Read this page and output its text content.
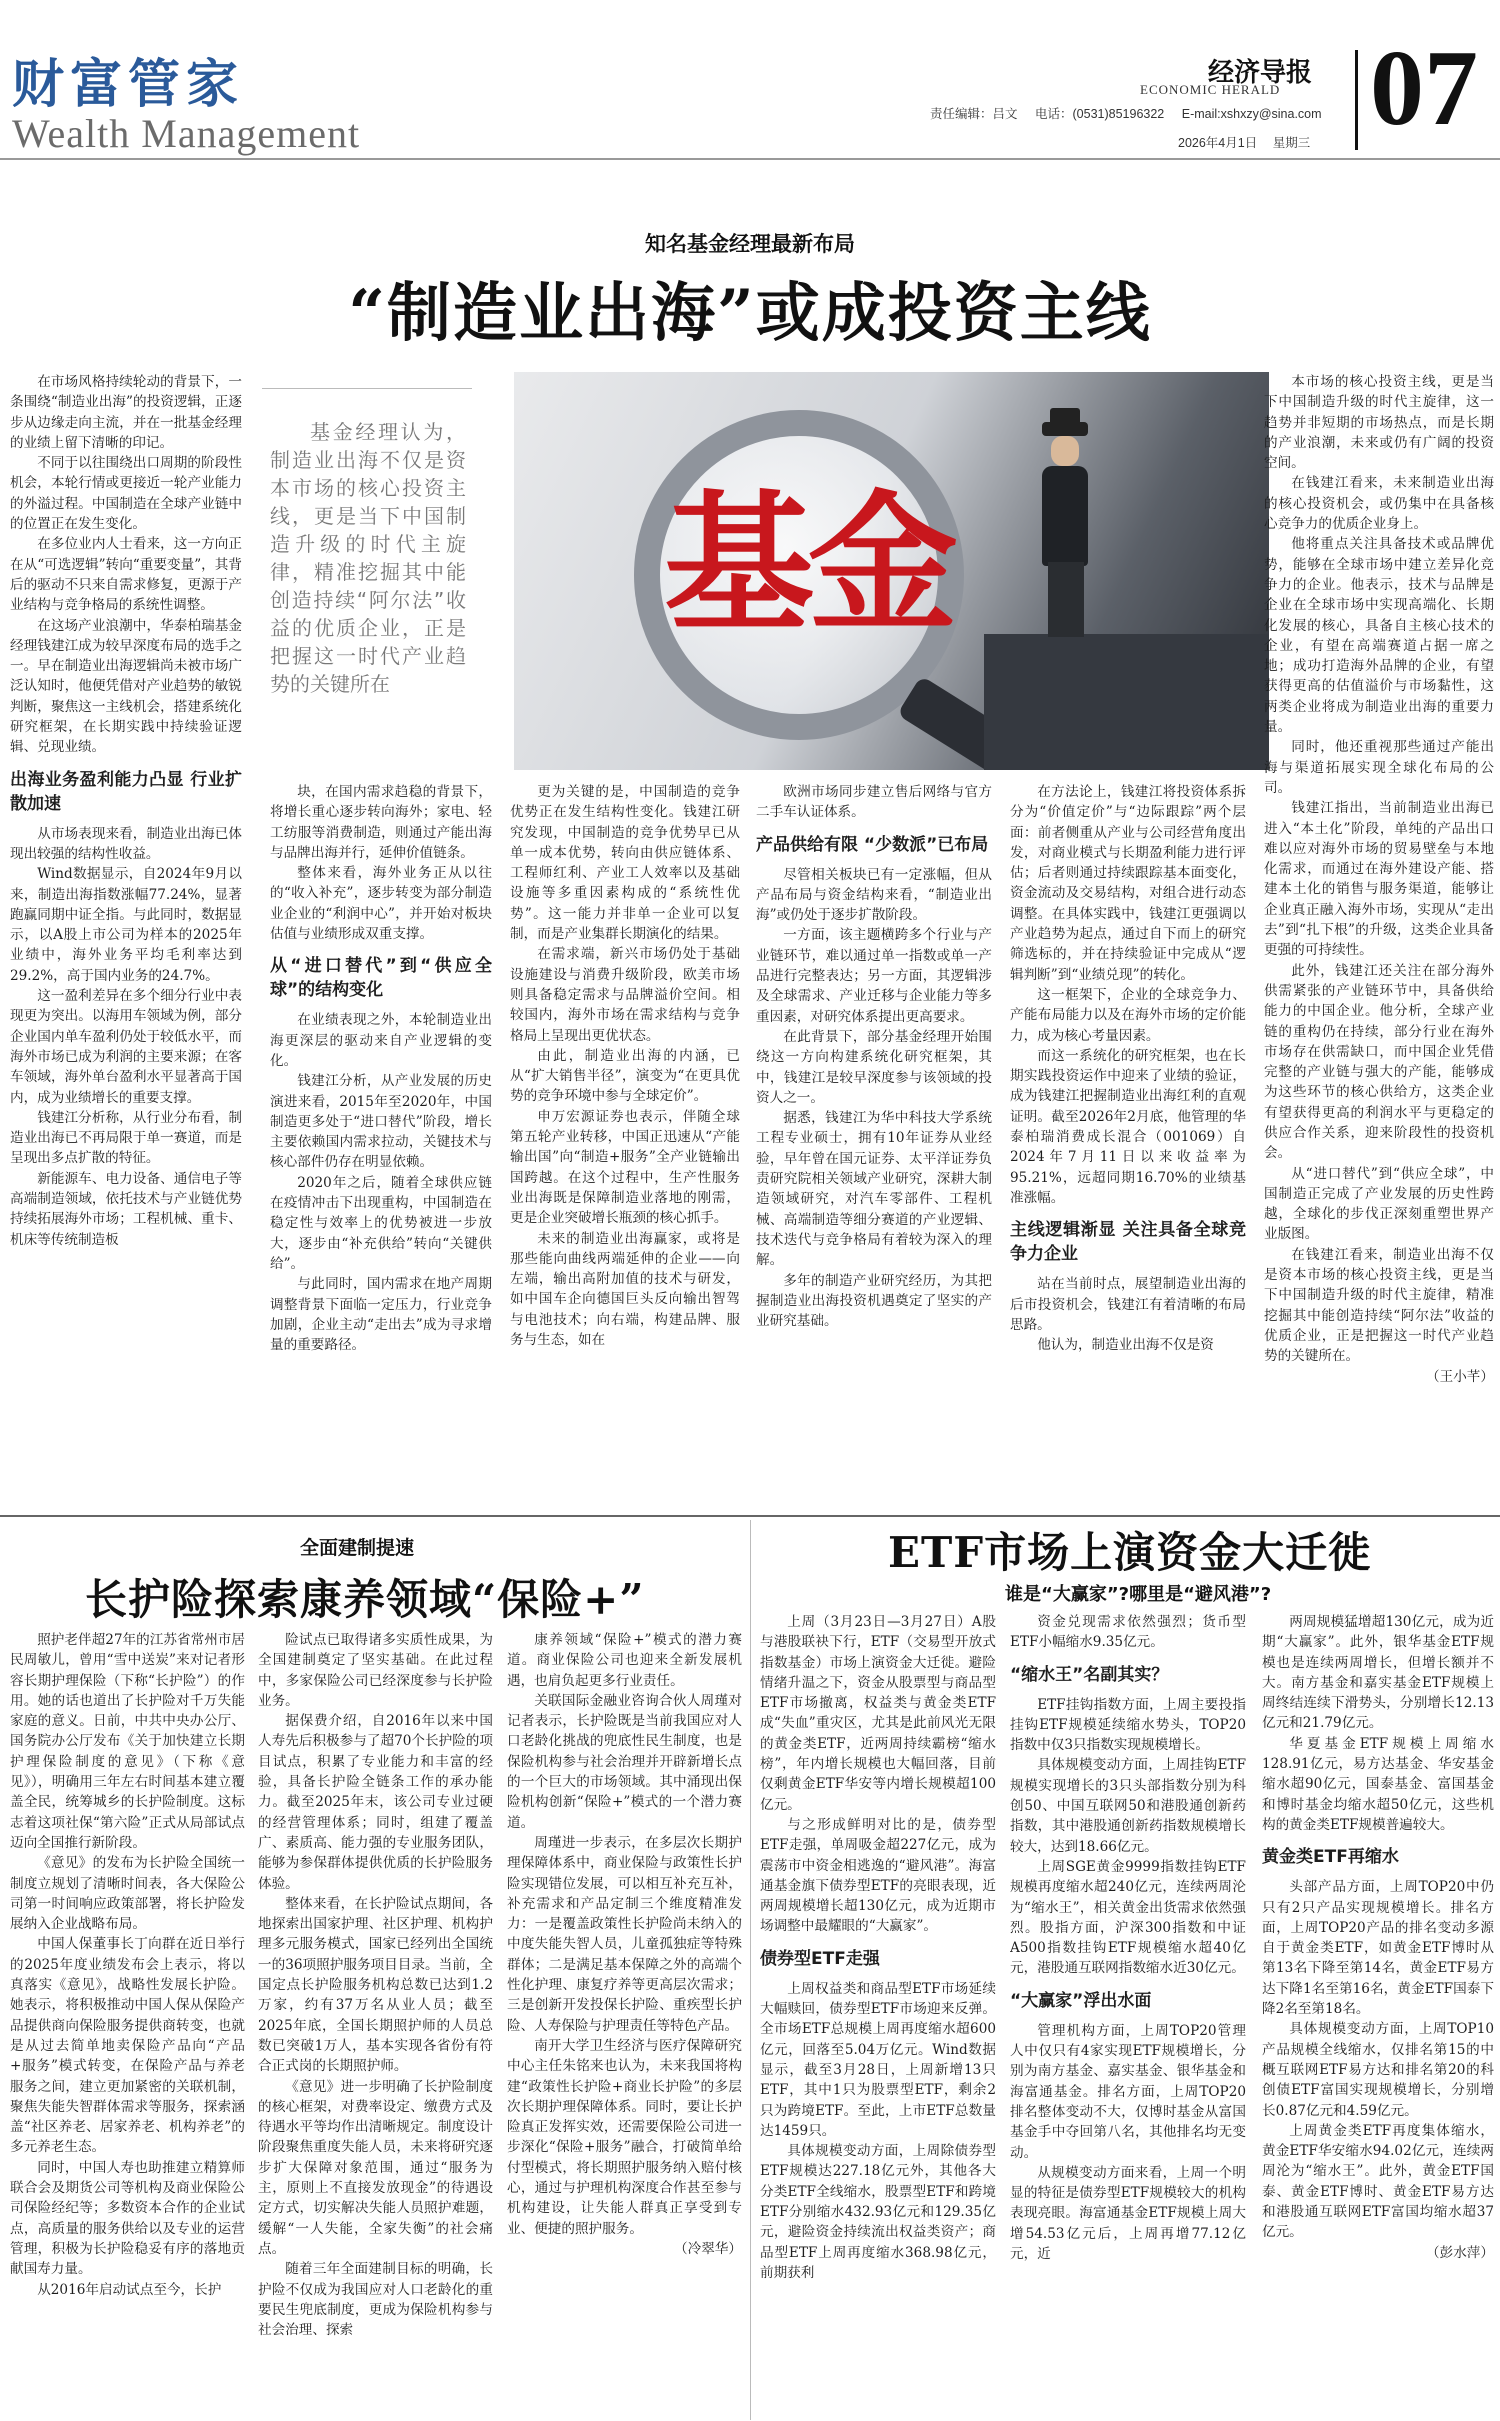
财富管家
Wealth Management
经济导报
ECONOMIC HERALD 07
责任编辑：吕文 电话：(0531)85196322 E-mail:xshxzy@sina.com
2026年4月1日 星期三
知名基金经理最新布局
“制造业出海”或成投资主线

在市场风格持续轮动的背景下，一条围绕“制造业出海”的投资逻辑，正逐步从边缘走向主流，并在一批基金经理的业绩上留下清晰的印记。

不同于以往围绕出口周期的阶段性机会，本轮行情或更接近一轮产业能力的外溢过程。中国制造在全球产业链中的位置正在发生变化。

在多位业内人士看来，这一方向正在从“可选逻辑”转向“重要变量”，其背后的驱动不只来自需求修复，更源于产业结构与竞争格局的系统性调整。

在这场产业浪潮中，华泰柏瑞基金经理钱建江成为较早深度布局的选手之一。早在制造业出海逻辑尚未被市场广泛认知时，他便凭借对产业趋势的敏锐判断，聚焦这一主线机会，搭建系统化研究框架，在长期实践中持续验证逻辑、兑现业绩。

出海业务盈利能力凸显 行业扩散加速

从市场表现来看，制造业出海已体现出较强的结构性收益。

Wind数据显示，自2024年9月以来，制造出海指数涨幅77.24%，显著跑赢同期中证全指。与此同时，数据显示，以A股上市公司为样本的2025年业绩中，海外业务平均毛利率达到29.2%，高于国内业务的24.7%。

这一盈利差异在多个细分行业中表现更为突出。以海用车领域为例，部分企业国内单车盈利仍处于较低水平，而海外市场已成为利润的主要来源；在客车领域，海外单台盈利水平显著高于国内，成为业绩增长的重要支撑。

钱建江分析称，从行业分布看，制造业出海已不再局限于单一赛道，而是呈现出多点扩散的特征。

新能源车、电力设备、通信电子等高端制造领域，依托技术与产业链优势持续拓展海外市场；工程机械、重卡、机床等传统制造板

基金经理认为，制造业出海不仅是资本市场的核心投资主线，更是当下中国制造升级的时代主旋律，精准挖掘其中能创造持续“阿尔法”收益的优质企业，正是把握这一时代产业趋势的关键所在

基金

块，在国内需求趋稳的背景下，将增长重心逐步转向海外；家电、轻工纺服等消费制造，则通过产能出海与品牌出海并行，延伸价值链条。

整体来看，海外业务正从以往的“收入补充”，逐步转变为部分制造业企业的“利润中心”，并开始对板块估值与业绩形成双重支撑。

从“进口替代”到“供应全球”的结构变化

在业绩表现之外，本轮制造业出海更深层的驱动来自产业逻辑的变化。

钱建江分析，从产业发展的历史演进来看，2015年至2020年，中国制造更多处于“进口替代”阶段，增长主要依赖国内需求拉动，关键技术与核心部件仍存在明显依赖。

2020年之后，随着全球供应链在疫情冲击下出现重构，中国制造在稳定性与效率上的优势被进一步放大，逐步由“补充供给”转向“关键供给”。

与此同时，国内需求在地产周期调整背景下面临一定压力，行业竞争加剧，企业主动“走出去”成为寻求增量的重要路径。

更为关键的是，中国制造的竞争优势正在发生结构性变化。钱建江研究发现，中国制造的竞争优势早已从单一成本优势，转向由供应链体系、工程师红利、产业工人效率以及基础设施等多重因素构成的“系统性优势”。这一能力并非单一企业可以复制，而是产业集群长期演化的结果。

在需求端，新兴市场仍处于基础设施建设与消费升级阶段，欧美市场则具备稳定需求与品牌溢价空间。相较国内，海外市场在需求结构与竞争格局上呈现出更优状态。

由此，制造业出海的内涵，已从“扩大销售半径”，演变为“在更具优势的竞争环境中参与全球定价”。

申万宏源证券也表示，伴随全球第五轮产业转移，中国正迅速从“产能输出国”向“制造+服务”全产业链输出国跨越。在这个过程中，生产性服务业出海既是保障制造业落地的刚需，更是企业突破增长瓶颈的核心抓手。

未来的制造业出海赢家，或将是那些能向曲线两端延伸的企业——向左端，输出高附加值的技术与研发，如中国车企向德国巨头反向输出智驾与电池技术；向右端，构建品牌、服务与生态，如在

欧洲市场同步建立售后网络与官方二手车认证体系。

产品供给有限 “少数派”已布局

尽管相关板块已有一定涨幅，但从产品布局与资金结构来看，“制造业出海”或仍处于逐步扩散阶段。

一方面，该主题横跨多个行业与产业链环节，难以通过单一指数或单一产品进行完整表达；另一方面，其逻辑涉及全球需求、产业迁移与企业能力等多重因素，对研究体系提出更高要求。

在此背景下，部分基金经理开始围绕这一方向构建系统化研究框架，其中，钱建江是较早深度参与该领域的投资人之一。

据悉，钱建江为华中科技大学系统工程专业硕士，拥有10年证券从业经验，早年曾在国元证券、太平洋证券负责研究院相关领域产业研究，深耕大制造领域研究，对汽车零部件、工程机械、高端制造等细分赛道的产业逻辑、技术迭代与竞争格局有着较为深入的理解。

多年的制造产业研究经历，为其把握制造业出海投资机遇奠定了坚实的产业研究基础。

在方法论上，钱建江将投资体系拆分为“价值定价”与“边际跟踪”两个层面：前者侧重从产业与公司经营角度出发，对商业模式与长期盈利能力进行评估；后者则通过持续跟踪基本面变化，资金流动及交易结构，对组合进行动态调整。在具体实践中，钱建江更强调以产业趋势为起点，通过自下而上的研究筛选标的，并在持续验证中完成从“逻辑判断”到“业绩兑现”的转化。

这一框架下，企业的全球竞争力、产能布局能力以及在海外市场的定价能力，成为核心考量因素。

而这一系统化的研究框架，也在长期实践投资运作中迎来了业绩的验证，成为钱建江把握制造业出海红利的直观证明。截至2026年2月底，他管理的华泰柏瑞消费成长混合（001069）自2024年7月11日以来收益率为95.21%，远超同期16.70%的业绩基准涨幅。

主线逻辑渐显 关注具备全球竞争力企业

站在当前时点，展望制造业出海的后市投资机会，钱建江有着清晰的布局思路。

他认为，制造业出海不仅是资

本市场的核心投资主线，更是当下中国制造升级的时代主旋律，这一趋势并非短期的市场热点，而是长期的产业浪潮，未来或仍有广阔的投资空间。

在钱建江看来，未来制造业出海的核心投资机会，或仍集中在具备核心竞争力的优质企业身上。

他将重点关注具备技术或品牌优势，能够在全球市场中建立差异化竞争力的企业。他表示，技术与品牌是企业在全球市场中实现高端化、长期化发展的核心，具备自主核心技术的企业，有望在高端赛道占据一席之地；成功打造海外品牌的企业，有望获得更高的估值溢价与市场黏性，这两类企业将成为制造业出海的重要力量。

同时，他还重视那些通过产能出海与渠道拓展实现全球化布局的公司。

钱建江指出，当前制造业出海已进入“本土化”阶段，单纯的产品出口难以应对海外市场的贸易壁垒与本地化需求，而通过在海外建设产能、搭建本土化的销售与服务渠道，能够让企业真正融入海外市场，实现从“走出去”到“扎下根”的升级，这类企业具备更强的可持续性。

此外，钱建江还关注在部分海外供需紧张的产业链环节中，具备供给能力的中国企业。他分析，全球产业链的重构仍在持续，部分行业在海外市场存在供需缺口，而中国企业凭借完整的产业链与强大的产能，能够成为这些环节的核心供给方，这类企业有望获得更高的利润水平与更稳定的供应合作关系，迎来阶段性的投资机会。

从“进口替代”到“供应全球”，中国制造正完成了产业发展的历史性跨越，全球化的步伐正深刻重塑世界产业版图。

在钱建江看来，制造业出海不仅是资本市场的核心投资主线，更是当下中国制造升级的时代主旋律，精准挖掘其中能创造持续“阿尔法”收益的优质企业，正是把握这一时代产业趋势的关键所在。

（王小芊）

全面建制提速
长护险探索康养领域“保险+”

照护老伴超27年的江苏省常州市居民周敏儿，曾用“雪中送炭”来对记者形容长期护理保险（下称“长护险”）的作用。她的话也道出了长护险对千万失能家庭的意义。日前，中共中央办公厅、国务院办公厅发布《关于加快建立长期护理保险制度的意见》（下称《意见》），明确用三年左右时间基本建立覆盖全民，统筹城乡的长护险制度。这标志着这项社保“第六险”正式从局部试点迈向全国推行新阶段。

《意见》的发布为长护险全国统一制度立规划了清晰时间表，各大保险公司第一时间响应政策部署，将长护险发展纳入企业战略布局。

中国人保董事长丁向群在近日举行的2025年度业绩发布会上表示，将以真落实《意见》，战略性发展长护险。她表示，将积极推动中国人保从保险产品提供商向保险服务提供商转变，也就是从过去简单地卖保险产品向“产品+服务”模式转变，在保险产品与养老服务之间，建立更加紧密的关联机制，聚焦失能失智群体需求等服务，探索涵盖“社区养老、居家养老、机构养老”的多元养老生态。

同时，中国人寿也助推建立精算师联合会及期货公司等机构及商业保险公司保险经纪等；多数资本合作的企业试点，高质量的服务供给以及专业的运营管理，积极为长护险稳妥有序的落地贡献国寿力量。

从2016年启动试点至今，长护

险试点已取得诸多实质性成果，为全国建制奠定了坚实基础。在此过程中，多家保险公司已经深度参与长护险业务。

据保费介绍，自2016年以来中国人寿先后积极参与了超70个长护险的项目试点，积累了专业能力和丰富的经验，具备长护险全链条工作的承办能力。截至2025年末，该公司专业过硬的经营管理体系；同时，组建了覆盖广、素质高、能力强的专业服务团队，能够为参保群体提供优质的长护险服务体验。

整体来看，在长护险试点期间，各地探索出国家护理、社区护理、机构护理多元服务模式，国家已经列出全国统一的36项照护服务项目目录。当前，全国定点长护险服务机构总数已达到1.2万家，约有37万名从业人员；截至2025年底，全国长期照护师的人员总数已突破1万人，基本实现各省份有符合正式岗的长期照护师。

《意见》进一步明确了长护险制度的核心框架，对费率设定、缴费方式及待遇水平等均作出清晰规定。制度设计阶段聚焦重度失能人员，未来将研究逐步扩大保障对象范围，通过“服务为主，原则上不直接发放现金”的待遇设定方式，切实解决失能人员照护难题，缓解“一人失能，全家失衡”的社会痛点。

随着三年全面建制目标的明确，长护险不仅成为我国应对人口老龄化的重要民生兜底制度，更成为保险机构参与社会治理、探索

康养领域“保险+”模式的潜力赛道。商业保险公司也迎来全新发展机遇，也肩负起更多行业责任。

关联国际金融业咨询合伙人周瑾对记者表示，长护险既是当前我国应对人口老龄化挑战的兜底性民生制度，也是保险机构参与社会治理并开辟新增长点的一个巨大的市场领域。其中涌现出保险机构创新“保险+”模式的一个潜力赛道。

周瑾进一步表示，在多层次长期护理保障体系中，商业保险与政策性长护险实现错位发展，可以相互补充互补，补充需求和产品定制三个维度精准发力：一是覆盖政策性长护险尚未纳入的中度失能失智人员，儿童孤独症等特殊群体；二是满足基本保障之外的高端个性化护理、康复疗养等更高层次需求；三是创新开发投保长护险、重疾型长护险、人寿保险与护理责任等特色产品。

南开大学卫生经济与医疗保障研究中心主任朱铭来也认为，未来我国将构建“政策性长护险+商业长护险”的多层次长期护理保障体系。同时，要让长护险真正发挥实效，还需要保险公司进一步深化“保险+服务”融合，打破简单给付型模式，将长期照护服务纳入赔付核心，通过与护理机构深度合作甚至参与机构建设，让失能人群真正享受到专业、便捷的照护服务。

（冷翠华）

ETF市场上演资金大迁徙
谁是“大赢家”?哪里是“避风港”?

上周（3月23日—3月27日）A股与港股联袂下行，ETF（交易型开放式指数基金）市场上演资金大迁徙。避险情绪升温之下，资金从股票型与商品型ETF市场撤离，权益类与黄金类ETF成“失血”重灾区，尤其是此前风光无限的黄金类ETF，近两周持续霸榜“缩水榜”，年内增长规模也大幅回落，目前仅剩黄金ETF华安等内增长规模超100亿元。

与之形成鲜明对比的是，债券型ETF走强，单周吸金超227亿元，成为震荡市中资金相逃逸的“避风港”。海富通基金旗下债券型ETF的亮眼表现，近两周规模增长超130亿元，成为近期市场调整中最耀眼的“大赢家”。

债券型ETF走强

上周权益类和商品型ETF市场延续大幅赎回，债券型ETF市场迎来反弹。全市场ETF总规模上周再度缩水超600亿元，回落至5.04万亿元。Wind数据显示，截至3月28日，上周新增13只ETF，其中1只为股票型ETF，剩余2只为跨境ETF。至此，上市ETF总数量达1459只。

具体规模变动方面，上周除债券型ETF规模达227.18亿元外，其他各大分类ETF全线缩水，股票型ETF和跨境ETF分别缩水432.93亿元和129.35亿元，避险资金持续流出权益类资产；商品型ETF上周再度缩水368.98亿元，前期获利

资金兑现需求依然强烈；货币型ETF小幅缩水9.35亿元。

“缩水王”名副其实？

ETF挂钩指数方面，上周主要投指挂钩ETF规模延续缩水势头，TOP20指数中仅3只指数实现规模增长。

具体规模变动方面，上周挂钩ETF规模实现增长的3只头部指数分别为科创50、中国互联网50和港股通创新药指数，其中港股通创新药指数规模增长较大，达到18.66亿元。

上周SGE黄金9999指数挂钩ETF规模再度缩水超240亿元，连续两周沦为“缩水王”，相关黄金出货需求依然强烈。股指方面，沪深300指数和中证A500指数挂钩ETF规模缩水超40亿元，港股通互联网指数缩水近30亿元。

“大赢家”浮出水面

管理机构方面，上周TOP20管理人中仅只有4家实现ETF规模增长，分别为南方基金、嘉实基金、银华基金和海富通基金。排名方面，上周TOP20排名整体变动不大，仅博时基金从富国基金手中夺回第八名，其他排名均无变动。

从规模变动方面来看，上周一个明显的特征是债券型ETF规模较大的机构表现亮眼。海富通基金ETF规模上周大增54.53亿元后，上周再增77.12亿元，近

两周规模猛增超130亿元，成为近期“大赢家”。此外，银华基金ETF规模也是连续两周增长，但增长额并不大。南方基金和嘉实基金ETF规模上周终结连续下滑势头，分别增长12.13亿元和21.79亿元。

华夏基金ETF规模上周缩水128.91亿元，易方达基金、华安基金缩水超90亿元，国泰基金、富国基金和博时基金均缩水超50亿元，这些机构的黄金类ETF规模普遍较大。

黄金类ETF再缩水

头部产品方面，上周TOP20中仍只有2只产品实现规模增长。排名方面，上周TOP20产品的排名变动多源自于黄金类ETF，如黄金ETF博时从第13名下降至第14名，黄金ETF易方达下降1名至第16名，黄金ETF国泰下降2名至第18名。

具体规模变动方面，上周TOP10产品规模全线缩水，仅排名第15的中概互联网ETF易方达和排名第20的科创债ETF富国实现规模增长，分别增长0.87亿元和4.59亿元。

上周黄金类ETF再度集体缩水，黄金ETF华安缩水94.02亿元，连续两周沦为“缩水王”。此外，黄金ETF国泰、黄金ETF博时、黄金ETF易方达和港股通互联网ETF富国均缩水超37亿元。

（彭水萍）
